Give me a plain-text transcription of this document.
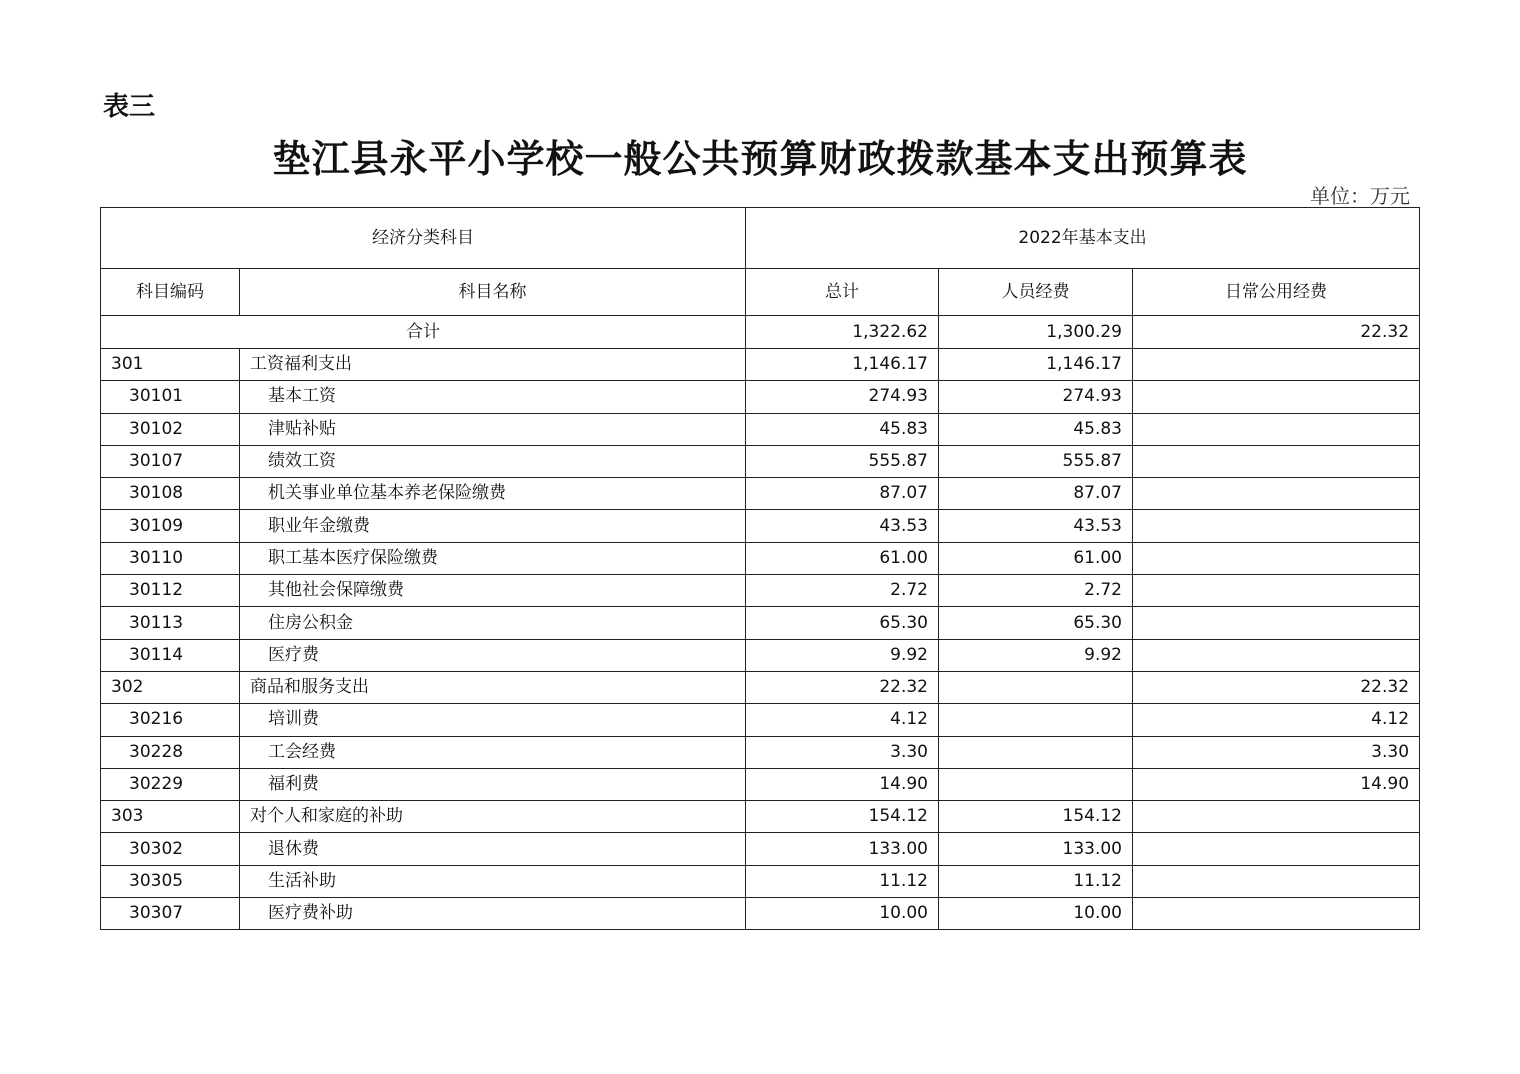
表三
垫江县永平小学校一般公共预算财政拨款基本支出预算表
单位：万元
经济分类科目		2022年基本支出		
科目编码	科目名称	总计	人员经费	日常公用经费
合计		1,322.62	1,300.29	22.32
301	工资福利支出	1,146.17	1,146.17	
30101	基本工资	274.93	274.93	
30102	津贴补贴	45.83	45.83	
30107	绩效工资	555.87	555.87	
30108	机关事业单位基本养老保险缴费	87.07	87.07	
30109	职业年金缴费	43.53	43.53	
30110	职工基本医疗保险缴费	61.00	61.00	
30112	其他社会保障缴费	2.72	2.72	
30113	住房公积金	65.30	65.30	
30114	医疗费	9.92	9.92	
302	商品和服务支出	22.32		22.32
30216	培训费	4.12		4.12
30228	工会经费	3.30		3.30
30229	福利费	14.90		14.90
303	对个人和家庭的补助	154.12	154.12	
30302	退休费	133.00	133.00	
30305	生活补助	11.12	11.12	
30307	医疗费补助	10.00	10.00	
